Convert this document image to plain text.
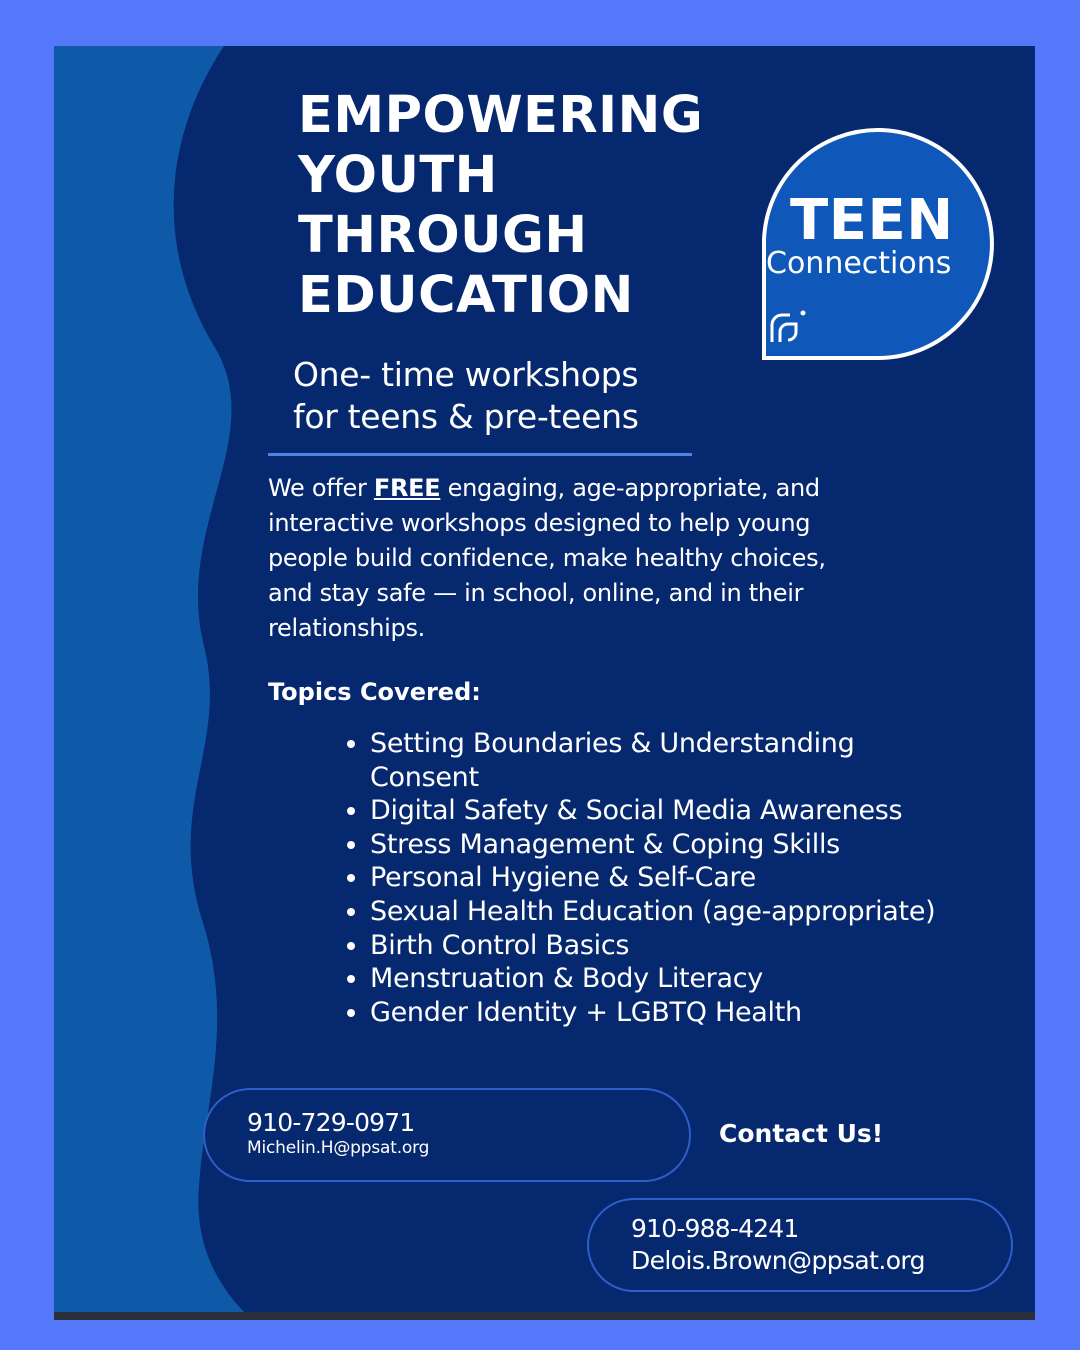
EMPOWERING
YOUTH
THROUGH
EDUCATION
One- time workshops
for teens & pre-teens

We offer FREE engaging, age-appropriate, and interactive workshops designed to help young people build confidence, make healthy choices, and stay safe — in school, online, and in their relationships.

Topics Covered:
• Setting Boundaries & Understanding Consent
• Digital Safety & Social Media Awareness
• Stress Management & Coping Skills
• Personal Hygiene & Self-Care
• Sexual Health Education (age-appropriate)
• Birth Control Basics
• Menstruation & Body Literacy
• Gender Identity + LGBTQ Health
TEEN
Connections
910-729-0971
Michelin.H@ppsat.org	Contact Us!
910-988-4241
Delois.Brown@ppsat.org
